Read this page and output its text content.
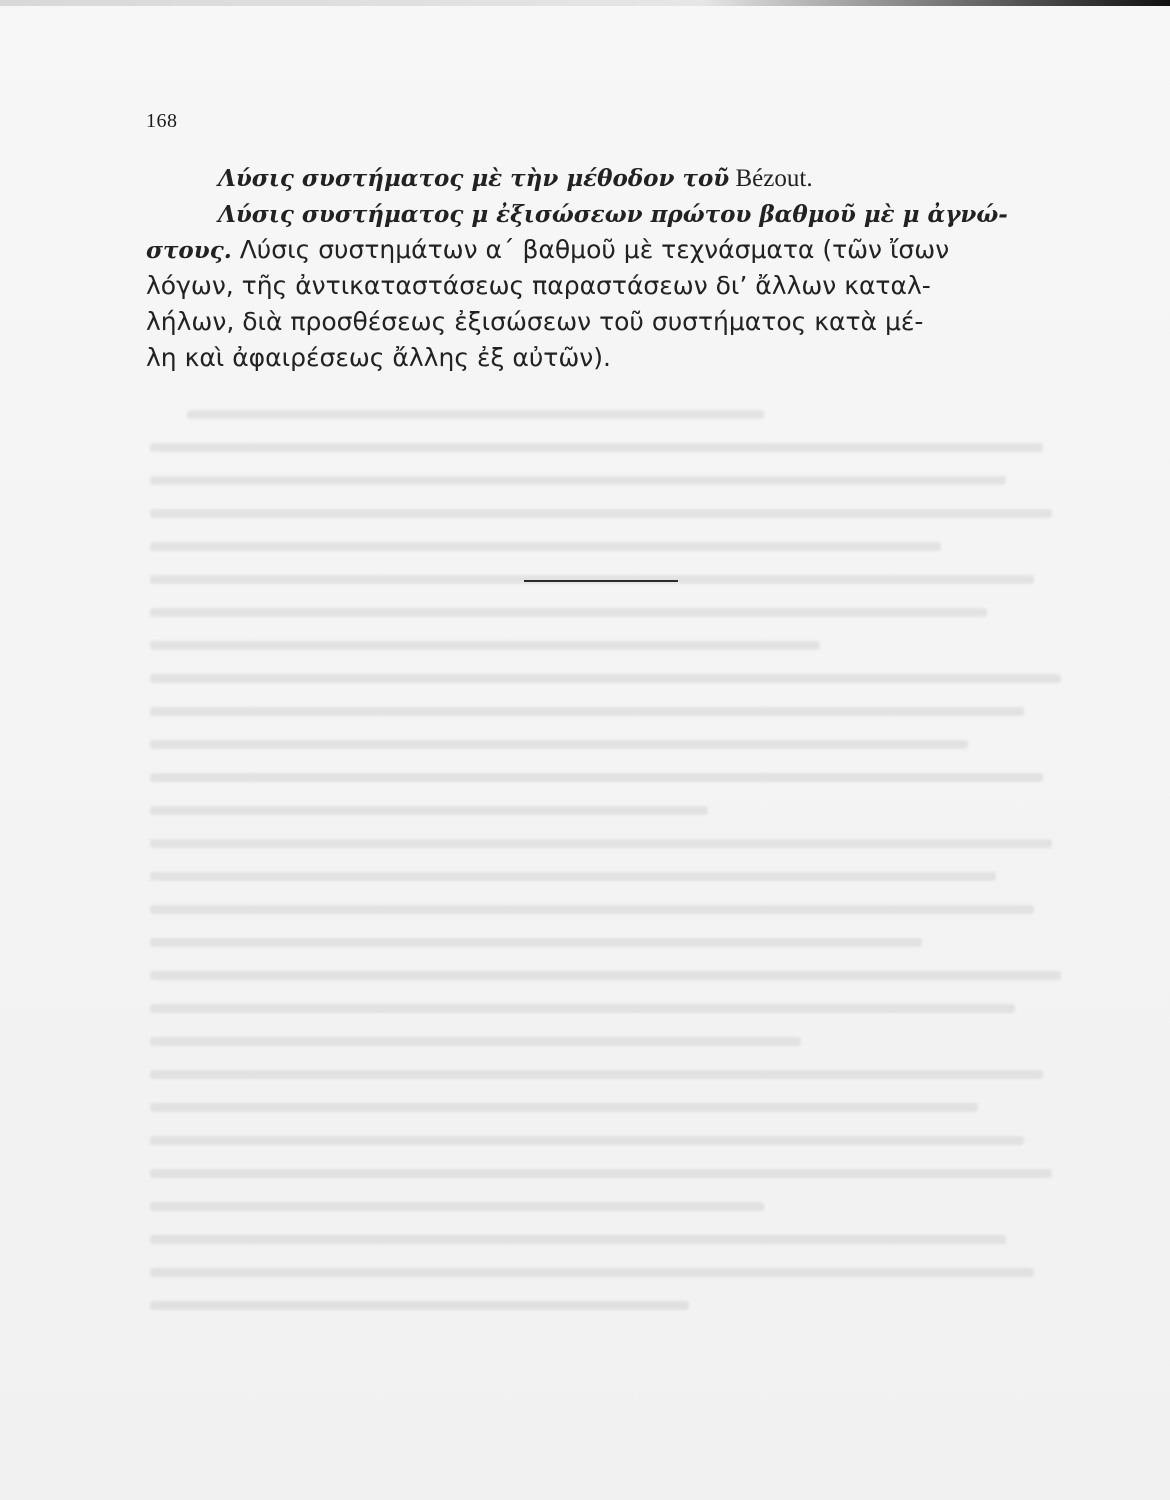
168
Λύσις συστήματος μὲ τὴν μέθοδον τοῦ Bézout.
Λύσις συστήματος μ ἐξισώσεων πρώτου βαθμοῦ μὲ μ ἀγνώ-
στους. Λύσις συστημάτων α΄ βαθμοῦ μὲ τεχνάσματα (τῶν ἴσων
λόγων, τῆς ἀντικαταστάσεως παραστάσεων δι’ ἄλλων καταλ-
λήλων, διὰ προσθέσεως ἐξισώσεων τοῦ συστήματος κατὰ μέ-
λη καὶ ἀφαιρέσεως ἄλλης ἐξ αὐτῶν).
